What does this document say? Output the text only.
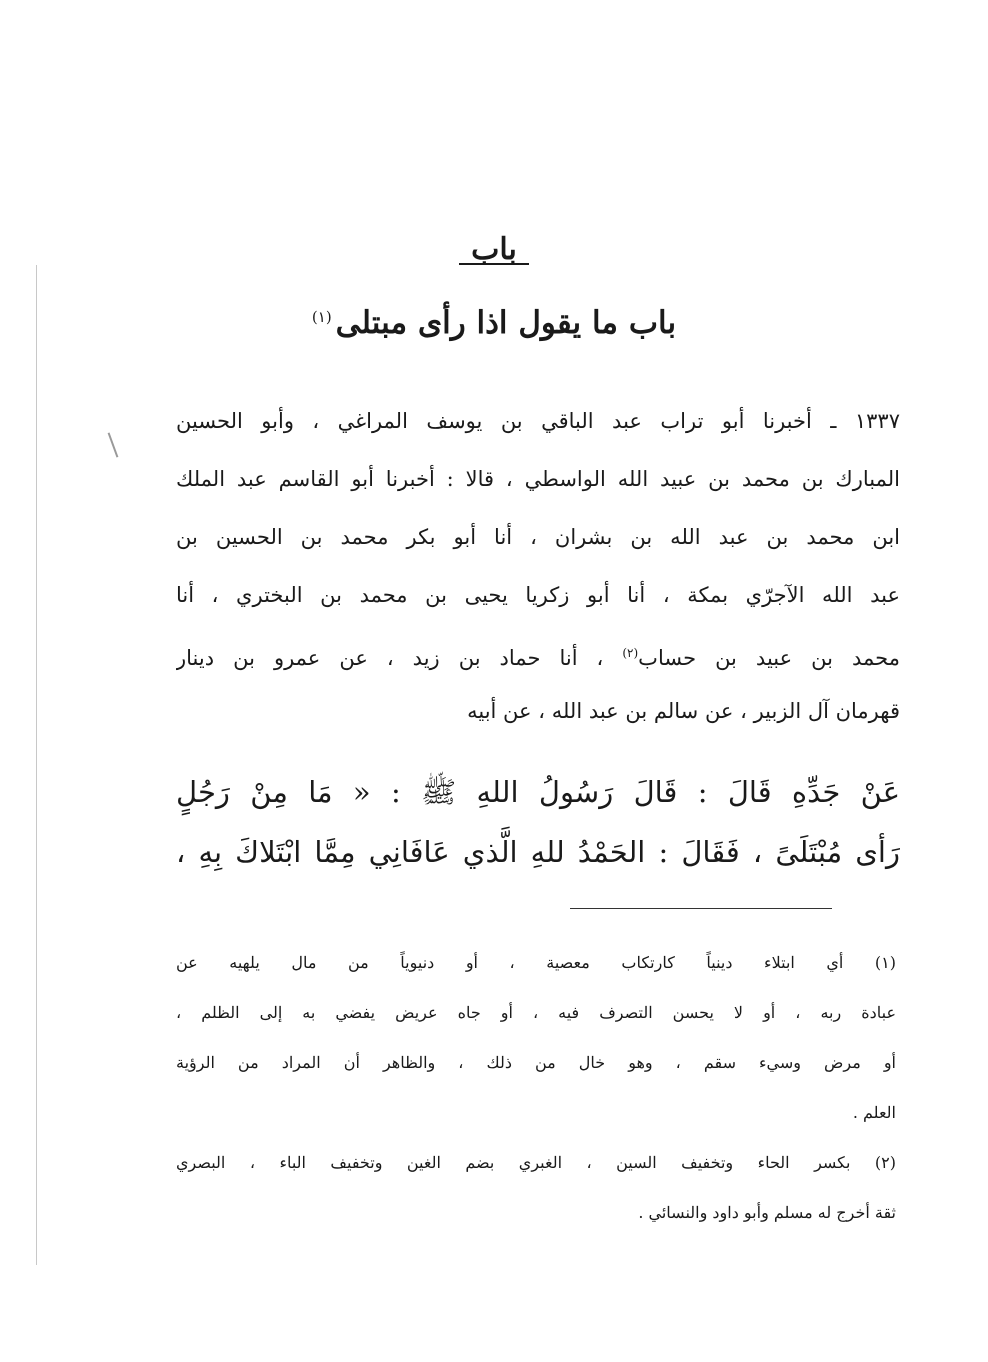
باب
باب ما يقول اذا رأى مبتلى$^{(١)}$
١٣٣٧ ـ أخبرنا أبو تراب عبد الباقي بن يوسف المراغي ، وأبو الحسين
المبارك بن محمد بن عبيد الله الواسطي ، قالا : أخبرنا أبو القاسم عبد الملك
ابن محمد بن عبد الله بن بشران ، أنا أبو بكر محمد بن الحسين بن
عبد الله الآجرّي بمكة ، أنا أبو زكريا يحيى بن محمد بن البختري ، أنا
محمد بن عبيد بن حساب$^{(٢)}$ ، أنا حماد بن زيد ، عن عمرو بن دينار
قهرمان آل الزبير ، عن سالم بن عبد الله ، عن أبيه
عَنْ جَدِّهِ قَالَ : قَالَ رَسُولُ اللهِ ﷺ : « مَا مِنْ رَجُلٍ
رَأى مُبْتَلَىً ، فَقَالَ : الحَمْدُ للهِ الَّذي عَافَانِي مِمَّا ابْتَلاكَ بِهِ ،
(١) أي ابتلاء دينياً كارتكاب معصية ، أو دنيوياً من مال يلهيه عن
عبادة ربه ، أو لا يحسن التصرف فيه ، أو جاه عريض يفضي به إلى الظلم ،
أو مرض وسيء سقم ، وهو خال من ذلك ، والظاهر أن المراد من الرؤية
العلم .
(٢) بكسر الحاء وتخفيف السين ، الغبري بضم الغين وتخفيف الباء ، البصري
ثقة أخرج له مسلم وأبو داود والنسائي .
